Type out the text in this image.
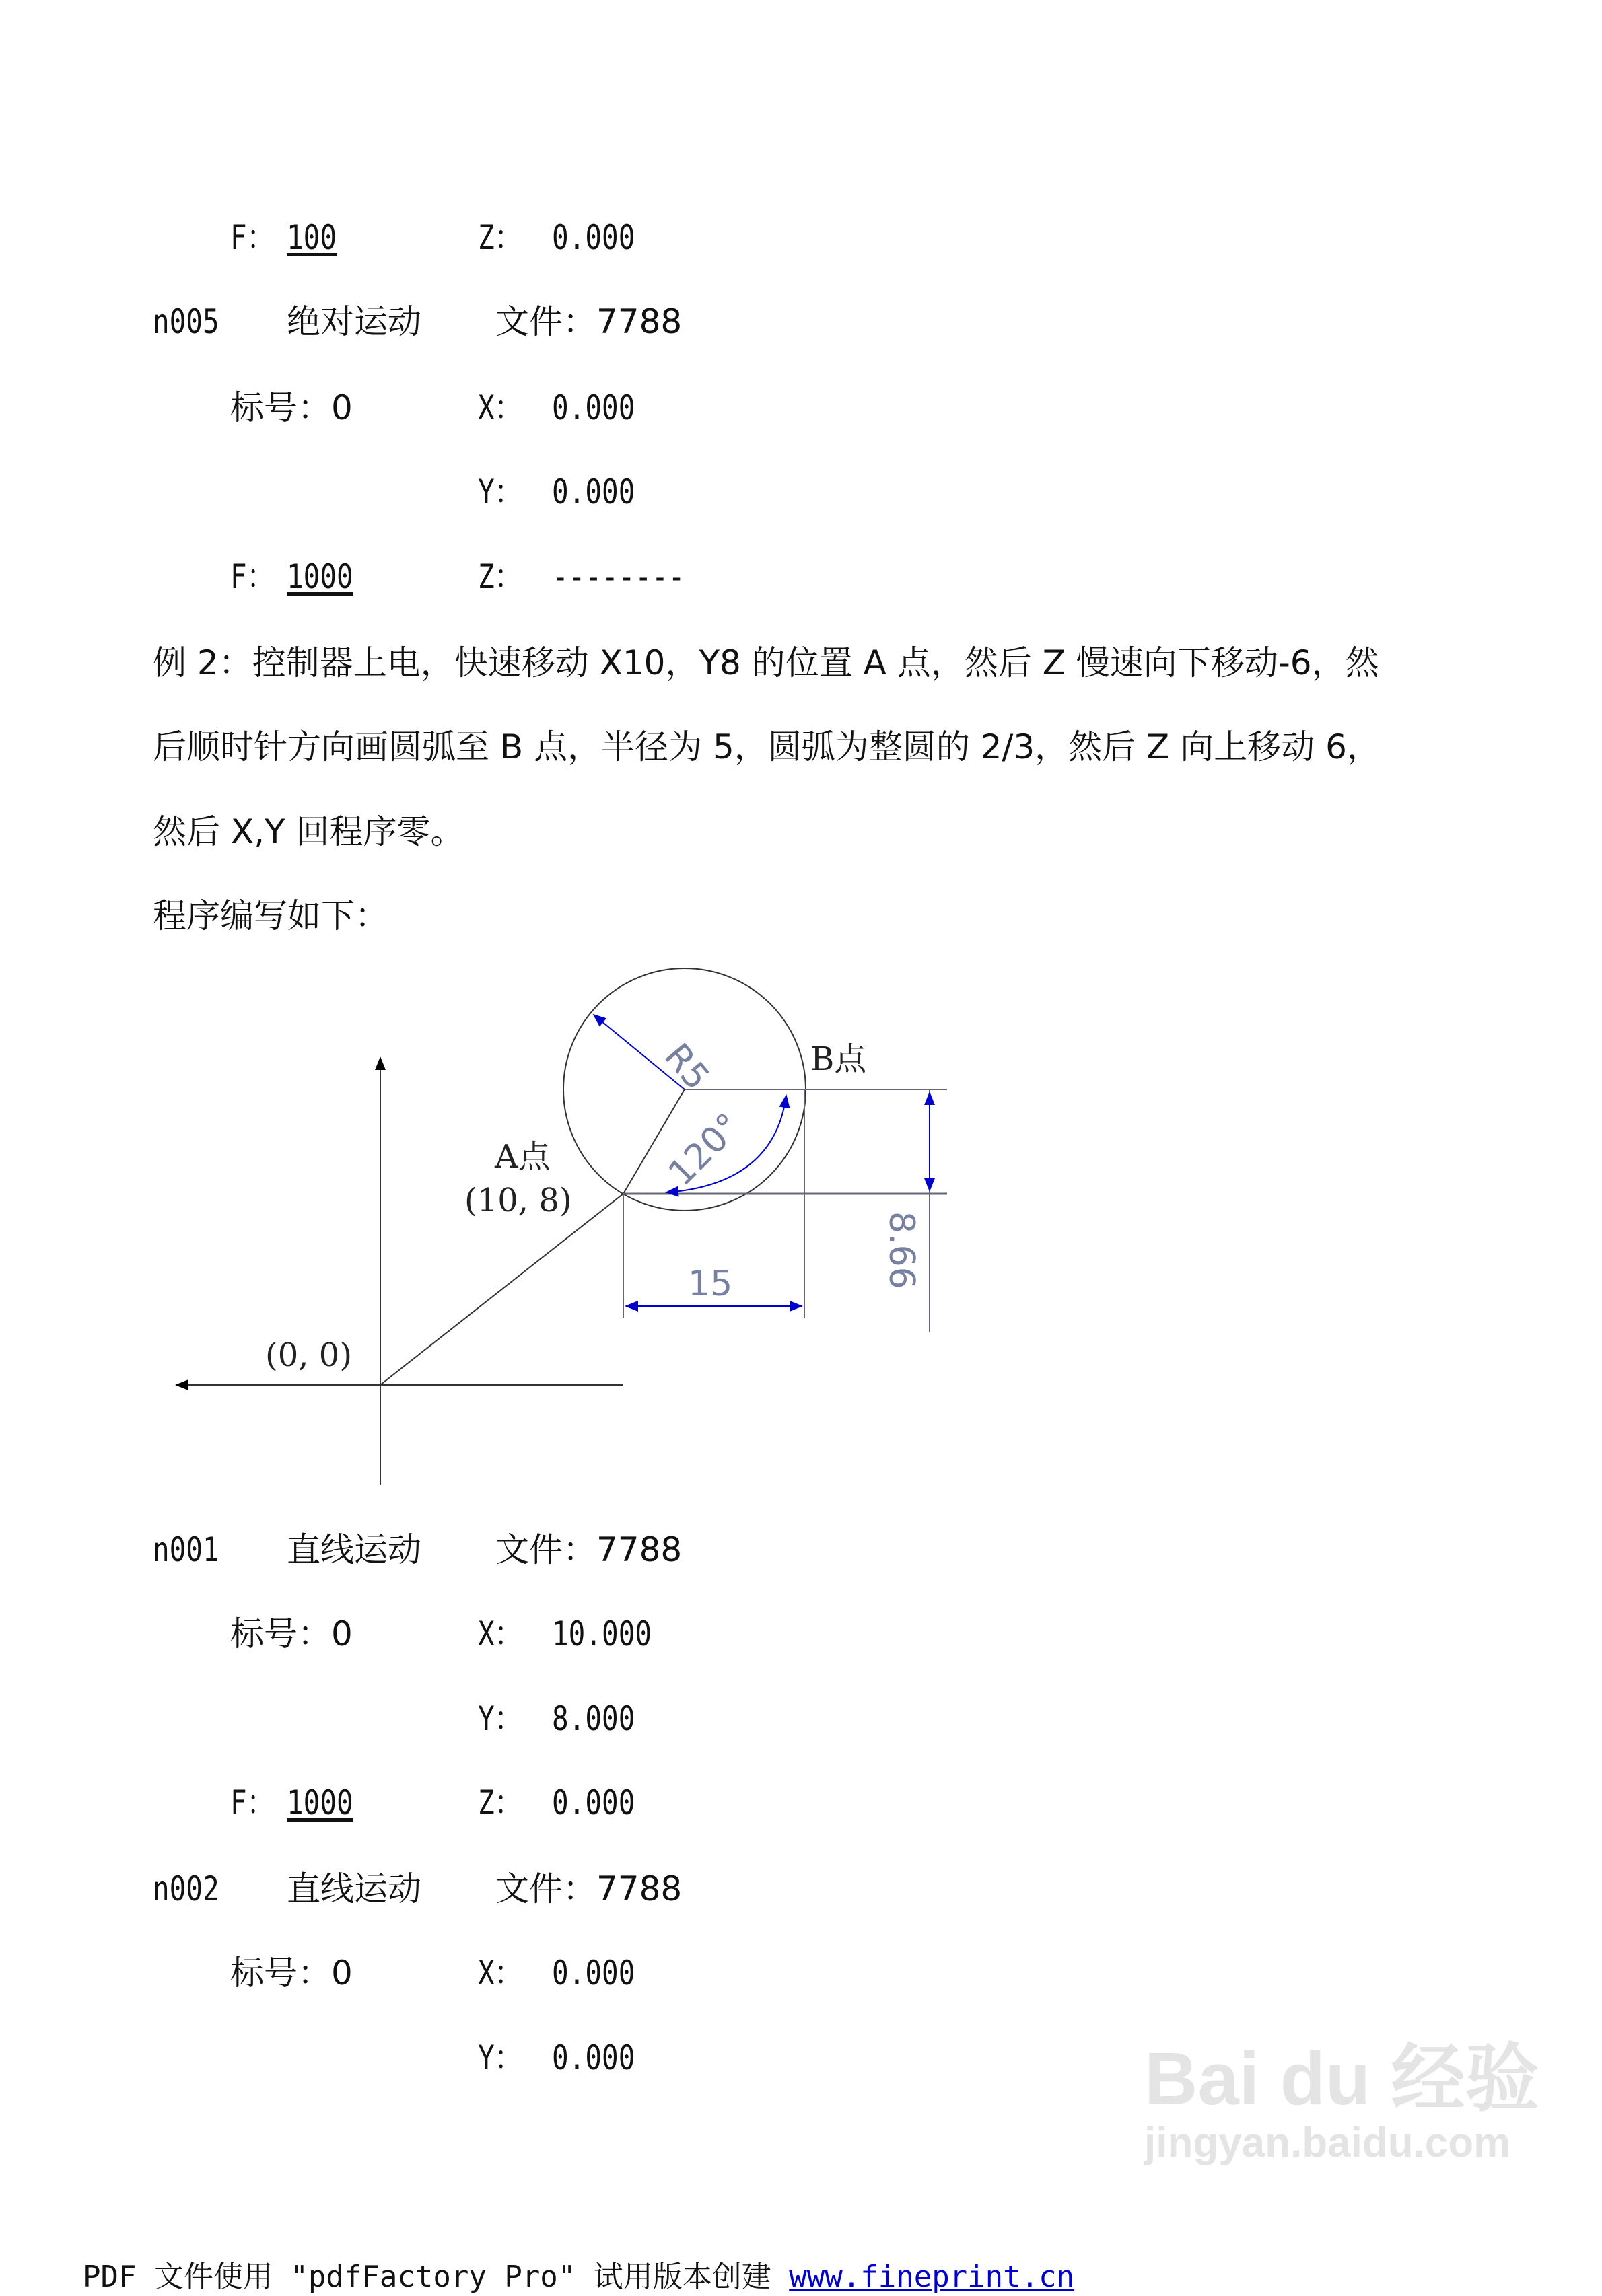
F： 100	Z： 0.000
n005 绝对运动 文件：7788
标号：0	X： 0.000
Y： 0.000
F： 1000	Z： --------
例 2：控制器上电，快速移动 X10，Y8 的位置 A 点，然后 Z 慢速向下移动-6，然
后顺时针方向画圆弧至 B 点，半径为 5，圆弧为整圆的 2/3，然后 Z 向上移动 6，
然后 X,Y 回程序零。
程序编写如下：
(0, 0)
A点
(10, 8)
B点
R5
120°
15	8.66
n001 直线运动 文件：7788
标号：0	X： 10.000
Y： 8.000
F： 1000	Z： 0.000
n002 直线运动 文件：7788
标号：0	X： 0.000
Y： 0.000	Bai du 经验
jingyan.baidu.com

PDF 文件使用 "pdfFactory Pro" 试用版本创建 www.fineprint.cn
